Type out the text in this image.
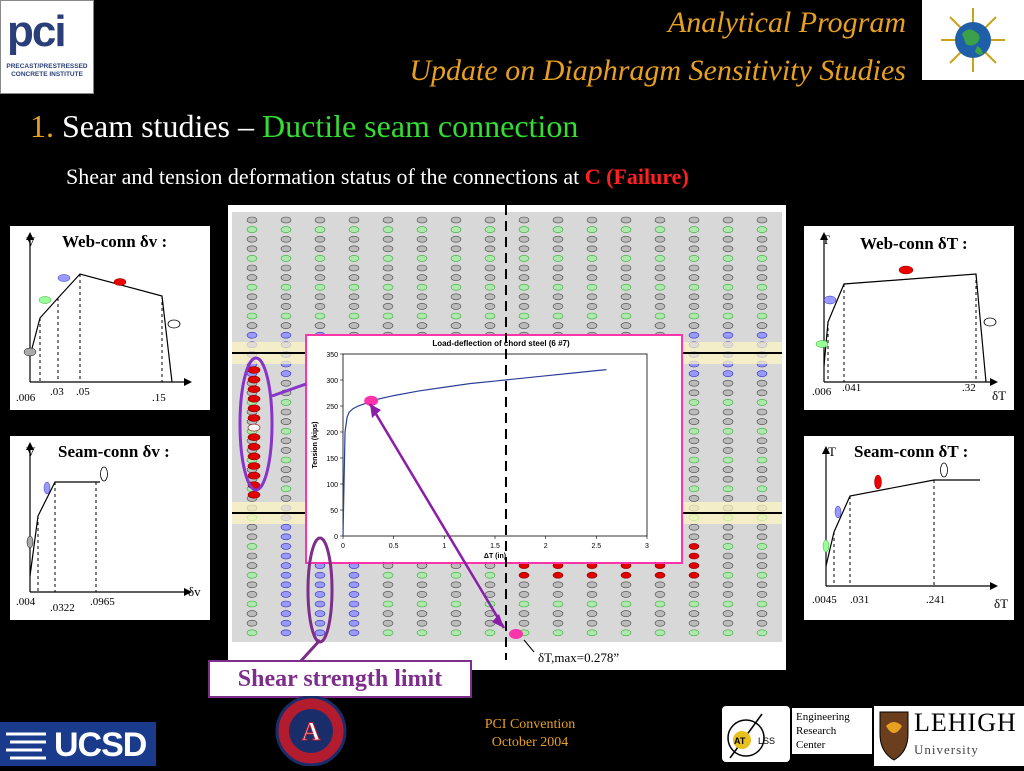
pci
PRECAST/PRESTRESSED CONCRETE INSTITUTE
Analytical Program
Update on Diaphragm Sensitivity Studies
1. Seam studies – Ductile seam connection
Shear and tension deformation status of the connections at C (Failure)
V Web-conn δv :
.006 .03 .05	.15
V Seam-conn δv :
.004 .0322 .0965
δv
T Web-conn δT :
.006 .041	.32 δT
T Seam-conn δT :
.0045 .031	.241	δT
Load-deflection of chord steel (6 #7)
0
50
100
150
200
250
300
350
0	0.5	1	1.5	2	2.5	3
ΔT (in)
Tension (kips)
δT,max=0.278”
Shear strength limit
UCSD	A	PCI Convention
October 2004	AT LSS
Engineering
Research
Center
LEHIGH
University
